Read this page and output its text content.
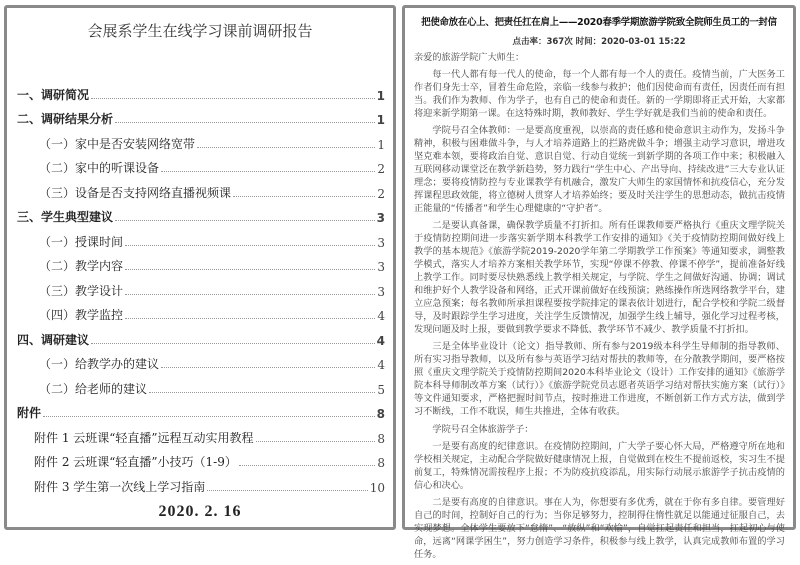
会展系学生在线学习课前调研报告
一、调研简况	1
二、调研结果分析	1
（一）家中是否安装网络宽带	1
（二）家中的听课设备	2
（三）设备是否支持网络直播视频课	2
三、学生典型建议	3
（一）授课时间	3
（二）教学内容	3
（三）教学设计	3
（四）教学监控	4
四、调研建议	4
（一）给教学办的建议	4
（二）给老师的建议	5
附件	8
附件 1 云班课“轻直播”远程互动实用教程	8
附件 2 云班课“轻直播”小技巧（1-9）	8
附件 3 学生第一次线上学习指南	10
2020. 2. 16
把使命放在心上、把责任扛在肩上——2020春季学期旅游学院致全院师生员工的一封信
点击率：367次 时间：2020-03-01 15:22

亲爱的旅游学院广大师生：

每一代人都有每一代人的使命，每一个人都有每一个人的责任。疫情当前，广大医务工作者们身先士卒，冒着生命危险，亲临一线参与救护；他们因使命而有责任，因责任而有担当。我们作为教师、作为学子，也有自己的使命和责任。新的一学期即将正式开始，大家都将迎来新学期第一课。在这特殊时期，教师教好、学生学好就是我们当前的使命和责任。

学院号召全体教师：一是要高度重视，以崇高的责任感和使命意识主动作为，发扬斗争精神，积极与困难做斗争，与人才培养道路上的拦路虎做斗争；增强主动学习意识，增进攻坚克难本领，要将政治自觉、意识自觉、行动自觉统一到新学期的各项工作中来；积极融入互联网移动课堂泛在教学新趋势，努力践行“学生中心、产出导向、持续改进”三大专业认证理念；要将疫情防控与专业课教学有机融合，激发广大师生的家国情怀和抗疫信心，充分发挥课程思政效能，将立德树人贯穿人才培养始终；要及时关注学生的思想动态，做抗击疫情正能量的“传播者”和学生心理健康的“守护者”。

二是要认真备课，确保教学质量不打折扣。所有任课教师要严格执行《重庆文理学院关于疫情防控期间进一步落实新学期本科教学工作安排的通知》《关于疫情防控期间做好线上教学的基本规范》《旅游学院2019-2020学年第二学期教学工作预案》等通知要求，调整教学模式，落实人才培养方案相关教学环节，实现“停课不停教、停课不停学”，提前准备好线上教学工作。同时要尽快熟悉线上教学相关规定，与学院、学生之间做好沟通、协调；调试和维护好个人教学设备和网络，正式开课前做好在线预演；熟练操作所选网络教学平台，建立应急预案；每名教师所承担课程要按学院排定的课表依计划进行，配合学校和学院二级督导，及时跟踪学生学习进度，关注学生反馈情况，加强学生线上辅导，强化学习过程考核，发现问题及时上报，要做到教学要求不降低、教学环节不减少、教学质量不打折扣。

三是全体毕业设计（论文）指导教师、所有参与2019级本科学生导师制的指导教师、所有实习指导教师，以及所有参与英语学习结对帮扶的教师等，在分散教学期间，要严格按照《重庆文理学院关于疫情防控期间2020本科毕业论文（设计）工作安排的通知》《旅游学院本科导师制改革方案（试行）》《旅游学院党员志愿者英语学习结对帮扶实施方案（试行）》等文件通知要求，严格把握时间节点，按时推进工作进度，不断创新工作方式方法，做到学习不断线，工作不耽误，师生共推进，全体有收获。

学院号召全体旅游学子：

一是要有高度的纪律意识。在疫情防控期间，广大学子要心怀大局，严格遵守所在地和学校相关规定，主动配合学院做好健康情况上报，自觉做到在校生不提前返校，实习生不提前复工，特殊情况需按程序上报；不为防疫抗疫添乱，用实际行动展示旅游学子抗击疫情的信心和决心。

二是要有高度的自律意识。事在人为，你想要有多优秀，就在于你有多自律。要管理好自己的时间，控制好自己的行为；当你足够努力，控制得住惰性就足以能通过征服自己，去实现梦想。全体学生要放下“怠惰”、“放纵”和“欢愉”，自觉扛起责任和担当，扛起初心与使命，远离“网课学困生”，努力创造学习条件，积极参与线上教学，认真完成教师布置的学习任务。
